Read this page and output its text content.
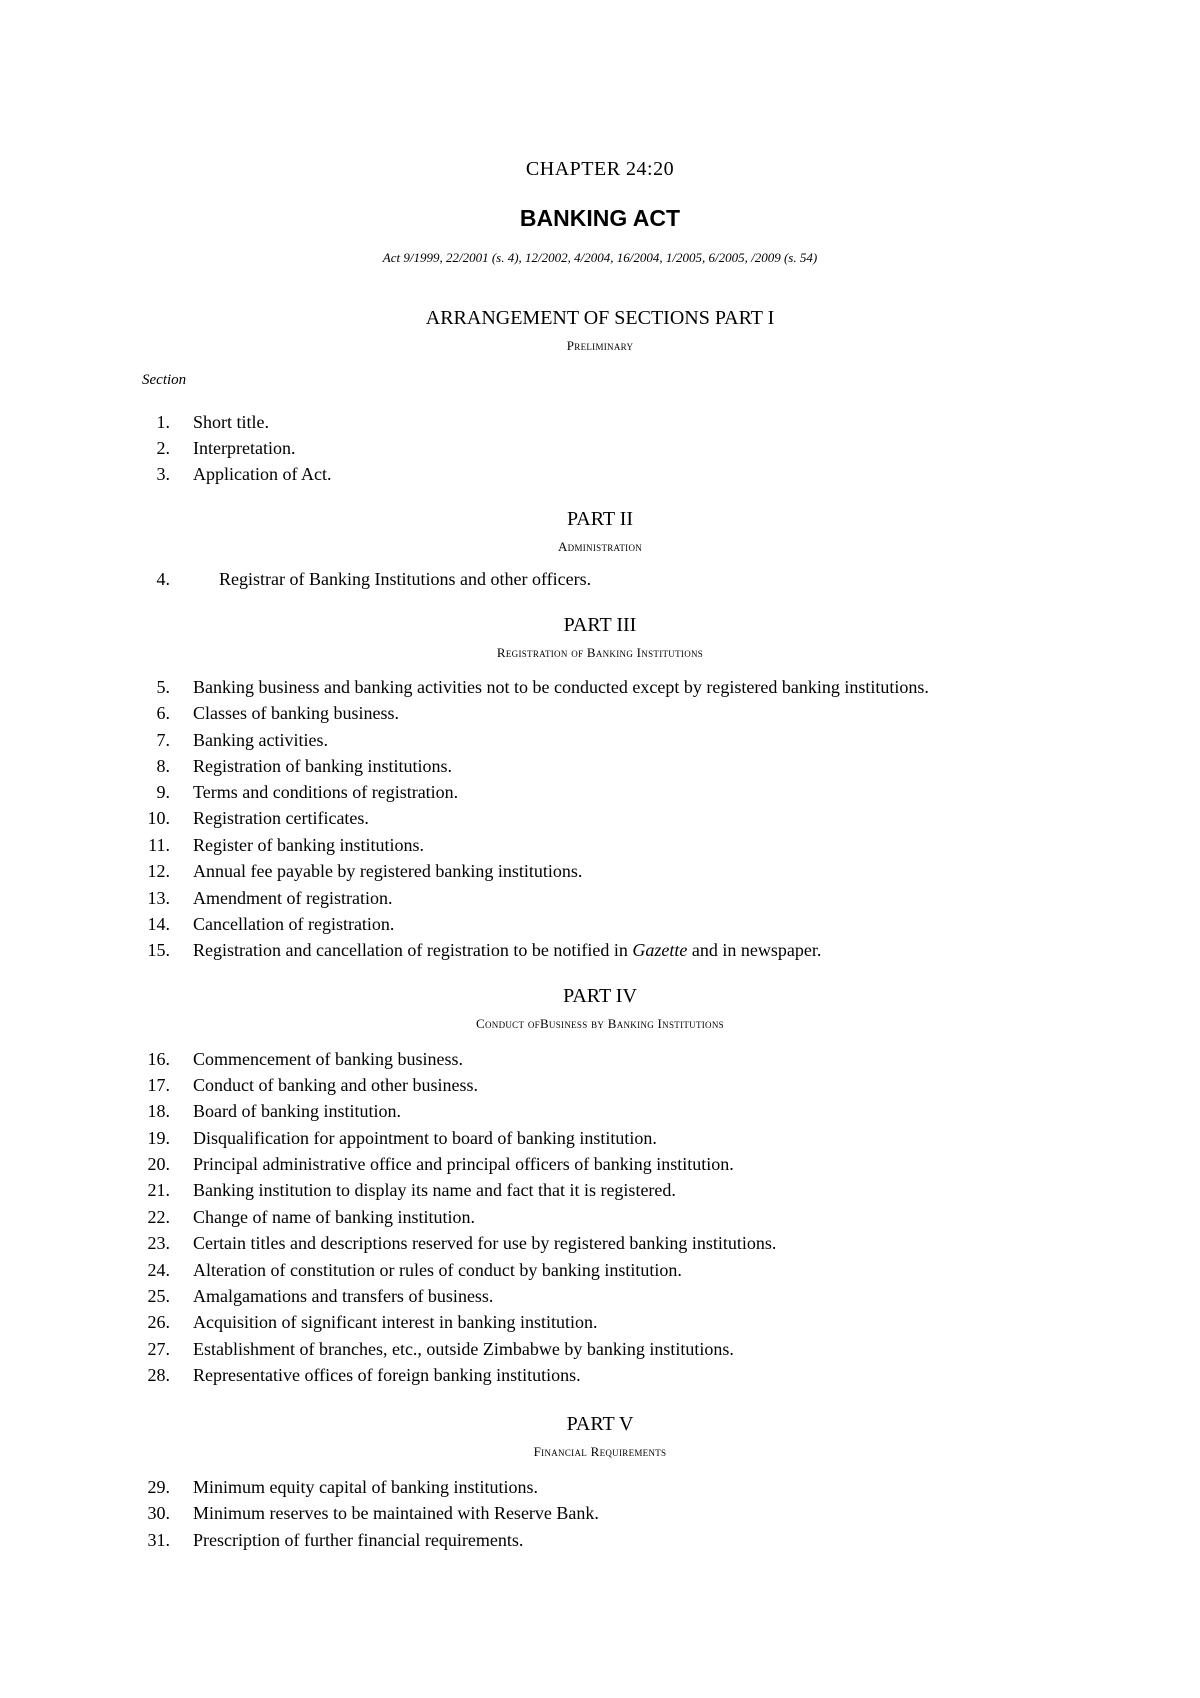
CHAPTER 24:20
BANKING ACT
Act 9/1999, 22/2001 (s. 4), 12/2002, 4/2004, 16/2004, 1/2005, 6/2005, /2009 (s. 54)
ARRANGEMENT OF SECTIONS PART I
Preliminary
Section
1. Short title.
2. Interpretation.
3. Application of Act.
PART II
Administration
4.	Registrar of Banking Institutions and other officers.
PART III
Registration of Banking Institutions
5. Banking business and banking activities not to be conducted except by registered banking institutions.
6. Classes of banking business.
7. Banking activities.
8. Registration of banking institutions.
9. Terms and conditions of registration.
10. Registration certificates.
11. Register of banking institutions.
12. Annual fee payable by registered banking institutions.
13. Amendment of registration.
14. Cancellation of registration.
15. Registration and cancellation of registration to be notified in Gazette and in newspaper.
PART IV
Conduct ofBusiness by Banking Institutions
16. Commencement of banking business.
17. Conduct of banking and other business.
18. Board of banking institution.
19. Disqualification for appointment to board of banking institution.
20. Principal administrative office and principal officers of banking institution.
21. Banking institution to display its name and fact that it is registered.
22. Change of name of banking institution.
23. Certain titles and descriptions reserved for use by registered banking institutions.
24. Alteration of constitution or rules of conduct by banking institution.
25. Amalgamations and transfers of business.
26. Acquisition of significant interest in banking institution.
27. Establishment of branches, etc., outside Zimbabwe by banking institutions.
28. Representative offices of foreign banking institutions.
PART V
Financial Requirements
29. Minimum equity capital of banking institutions.
30. Minimum reserves to be maintained with Reserve Bank.
31. Prescription of further financial requirements.
